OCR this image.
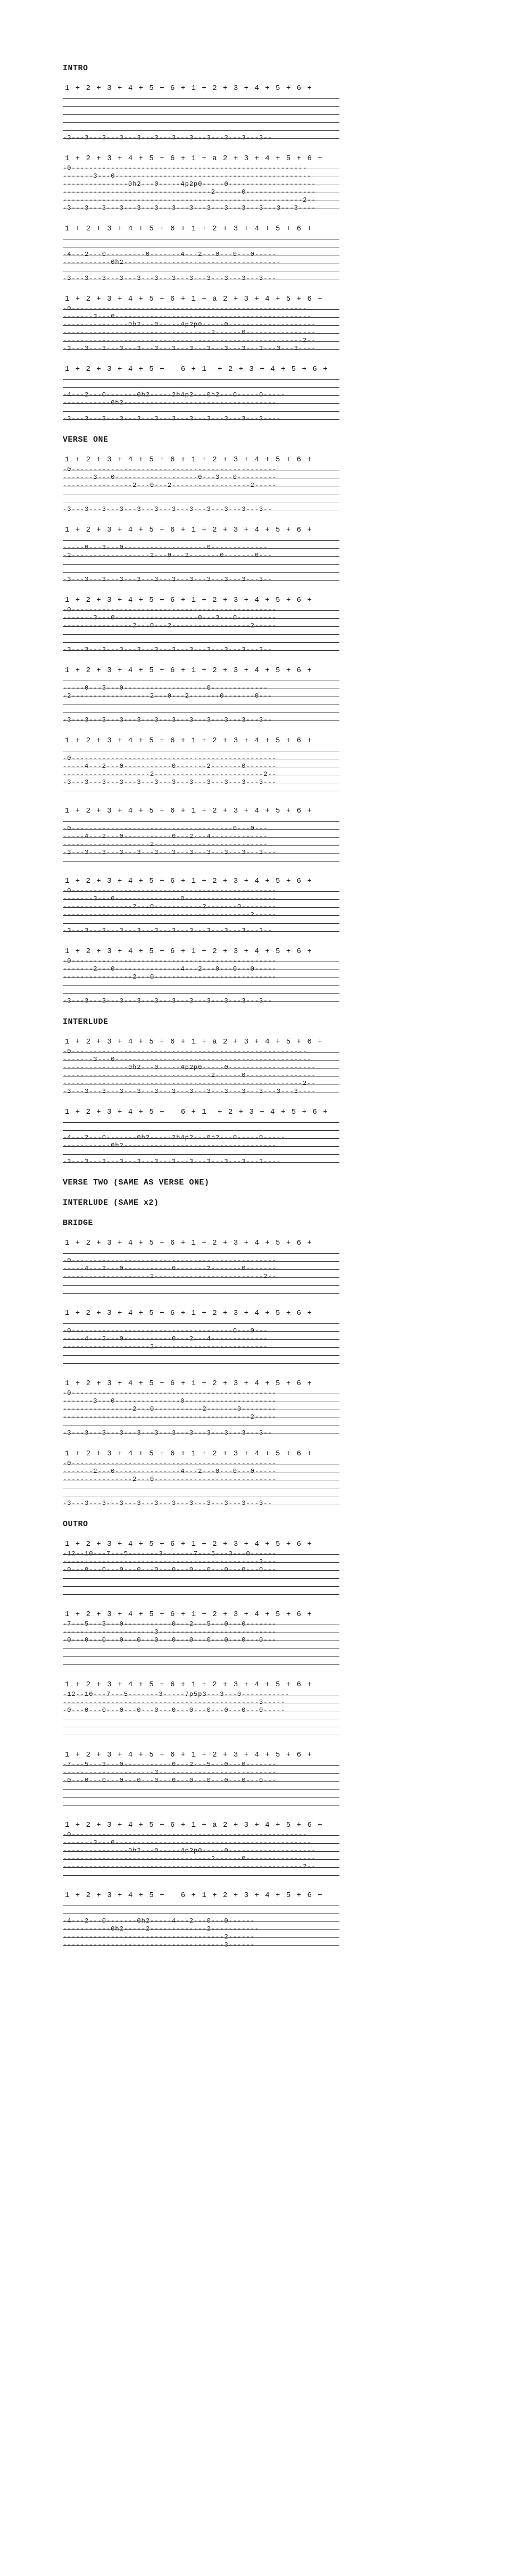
INTRO
1 + 2 + 3 + 4 + 5 + 6 + 1 + 2 + 3 + 4 + 5 + 6 +
-3---3---3---3---3---3---3---3---3---3---3---3--
1 + 2 + 3 + 4 + 5 + 6 + 1 + a 2 + 3 + 4 + 5 + 6 +
-0------------------------------------------------------
-------3---0---------------------------------------------
---------------0h2---0-----4p2p0-----0--------------------
----------------------------------2------0----------------
-------------------------------------------------------2--
-3---3---3---3---3---3---3---3---3---3---3---3---3---3----
1 + 2 + 3 + 4 + 5 + 6 + 1 + 2 + 3 + 4 + 5 + 6 +
-4---2---0---------0-------4---2---0---0---0-----
-----------0h2------------------------------------
-3---3---3---3---3---3---3---3---3---3---3---3---
1 + 2 + 3 + 4 + 5 + 6 + 1 + a 2 + 3 + 4 + 5 + 6 +
-0------------------------------------------------------
-------3---0---------------------------------------------
---------------0h2---0-----4p2p0-----0--------------------
----------------------------------2------0----------------
-------------------------------------------------------2--
-3---3---3---3---3---3---3---3---3---3---3---3---3---3----
1 + 2 + 3 + 4 + 5 +   6 + 1  + 2 + 3 + 4 + 5 + 6 +
-4---2---0-------0h2-----2h4p2---0h2---0-----0-----
-----------0h2-----------------------------------
-3---3---3---3---3---3---3---3---3---3---3---3----
VERSE ONE
1 + 2 + 3 + 4 + 5 + 6 + 1 + 2 + 3 + 4 + 5 + 6 +
-0-----------------------------------------------
-------3---0-------------------0---3---0---------
----------------2---0---2------------------2-----
-3---3---3---3---3---3---3---3---3---3---3---3--
1 + 2 + 3 + 4 + 5 + 6 + 1 + 2 + 3 + 4 + 5 + 6 +
-----0---3---0-------------------0-------------
-2------------------2---0---2-------0-------0---
-3---3---3---3---3---3---3---3---3---3---3---3--
1 + 2 + 3 + 4 + 5 + 6 + 1 + 2 + 3 + 4 + 5 + 6 +
-0-----------------------------------------------
-------3---0-------------------0---3---0---------
----------------2---0---2------------------2-----
-3---3---3---3---3---3---3---3---3---3---3---3--
1 + 2 + 3 + 4 + 5 + 6 + 1 + 2 + 3 + 4 + 5 + 6 +
-----0---3---0-------------------0-------------
-2------------------2---0---2-------0-------0---
-3---3---3---3---3---3---3---3---3---3---3---3--
1 + 2 + 3 + 4 + 5 + 6 + 1 + 2 + 3 + 4 + 5 + 6 +
-0-----------------------------------------------
-----4---2---0-----------0-------2-------0-------
--------------------2-------------------------2--
-3---3---3---3---3---3---3---3---3---3---3---3---
1 + 2 + 3 + 4 + 5 + 6 + 1 + 2 + 3 + 4 + 5 + 6 +
-0-------------------------------------0---0---
-----4---2---0-----------0---2---4-------------
--------------------2--------------------------
-3---3---3---3---3---3---3---3---3---3---3---3---
1 + 2 + 3 + 4 + 5 + 6 + 1 + 2 + 3 + 4 + 5 + 6 +
-0-----------------------------------------------
-------3---0---------------0---------------------
----------------2---0-----------2-------0--------
-------------------------------------------2-----
-3---3---3---3---3---3---3---3---3---3---3---3--
1 + 2 + 3 + 4 + 5 + 6 + 1 + 2 + 3 + 4 + 5 + 6 +
-0-----------------------------------------------
-------2---0---------------4---2---0---0---0-----
----------------2---0----------------------------
-3---3---3---3---3---3---3---3---3---3---3---3--
INTERLUDE
1 + 2 + 3 + 4 + 5 + 6 + 1 + a 2 + 3 + 4 + 5 + 6 +
-0------------------------------------------------------
-------3---0---------------------------------------------
---------------0h2---0-----4p2p0-----0--------------------
----------------------------------2------0----------------
-------------------------------------------------------2--
-3---3---3---3---3---3---3---3---3---3---3---3---3---3----
1 + 2 + 3 + 4 + 5 +   6 + 1  + 2 + 3 + 4 + 5 + 6 +
-4---2---0-------0h2-----2h4p2---0h2---0-----0-----
-----------0h2-----------------------------------
-3---3---3---3---3---3---3---3---3---3---3---3----
VERSE TWO (SAME AS VERSE ONE)
INTERLUDE (SAME x2)
BRIDGE
1 + 2 + 3 + 4 + 5 + 6 + 1 + 2 + 3 + 4 + 5 + 6 +
-0-----------------------------------------------
-----4---2---0-----------0-------2-------0-------
--------------------2-------------------------2--
1 + 2 + 3 + 4 + 5 + 6 + 1 + 2 + 3 + 4 + 5 + 6 +
-0-------------------------------------0---0---
-----4---2---0-----------0---2---4-------------
--------------------2--------------------------
1 + 2 + 3 + 4 + 5 + 6 + 1 + 2 + 3 + 4 + 5 + 6 +
-0-----------------------------------------------
-------3---0---------------0---------------------
----------------2---0-----------2-------0--------
-------------------------------------------2-----
-3---3---3---3---3---3---3---3---3---3---3---3--
1 + 2 + 3 + 4 + 5 + 6 + 1 + 2 + 3 + 4 + 5 + 6 +
-0-----------------------------------------------
-------2---0---------------4---2---0---0---0-----
----------------2---0----------------------------
-3---3---3---3---3---3---3---3---3---3---3---3--
OUTRO
1 + 2 + 3 + 4 + 5 + 6 + 1 + 2 + 3 + 4 + 5 + 6 +
-12--10---7---5-------3-------7---5---3---0------
---------------------------------------------3---
-0---0---0---0---0---0---0---0---0---0---0---0---
1 + 2 + 3 + 4 + 5 + 6 + 1 + 2 + 3 + 4 + 5 + 6 +
-7---5---3---0-----------0---2---5---0---0-------
---------------------3---------------------------
-0---0---0---0---0---0---0---0---0---0---0---0---
1 + 2 + 3 + 4 + 5 + 6 + 1 + 2 + 3 + 4 + 5 + 6 +
-12--10---7---5-------3-----7p5p3---3---0-----------
---------------------------------------------3-----
-0---0---0---0---0---0---0---0---0---0---0---0-----
1 + 2 + 3 + 4 + 5 + 6 + 1 + 2 + 3 + 4 + 5 + 6 +
-7---5---3---0-----------0---2---5---0---0-------
---------------------3---------------------------
-0---0---0---0---0---0---0---0---0---0---0---0---
1 + 2 + 3 + 4 + 5 + 6 + 1 + a 2 + 3 + 4 + 5 + 6 +
-0------------------------------------------------------
-------3---0---------------------------------------------
---------------0h2---0-----4p2p0-----0--------------------
----------------------------------2------0----------------
-------------------------------------------------------2--
1 + 2 + 3 + 4 + 5 +   6 + 1 + 2 + 3 + 4 + 5 + 6 +
-4---2---0-------0h2-----4---2---0---0------
-----------0h2-----2-------------2-----------
-------------------------------------2------
-------------------------------------3------
